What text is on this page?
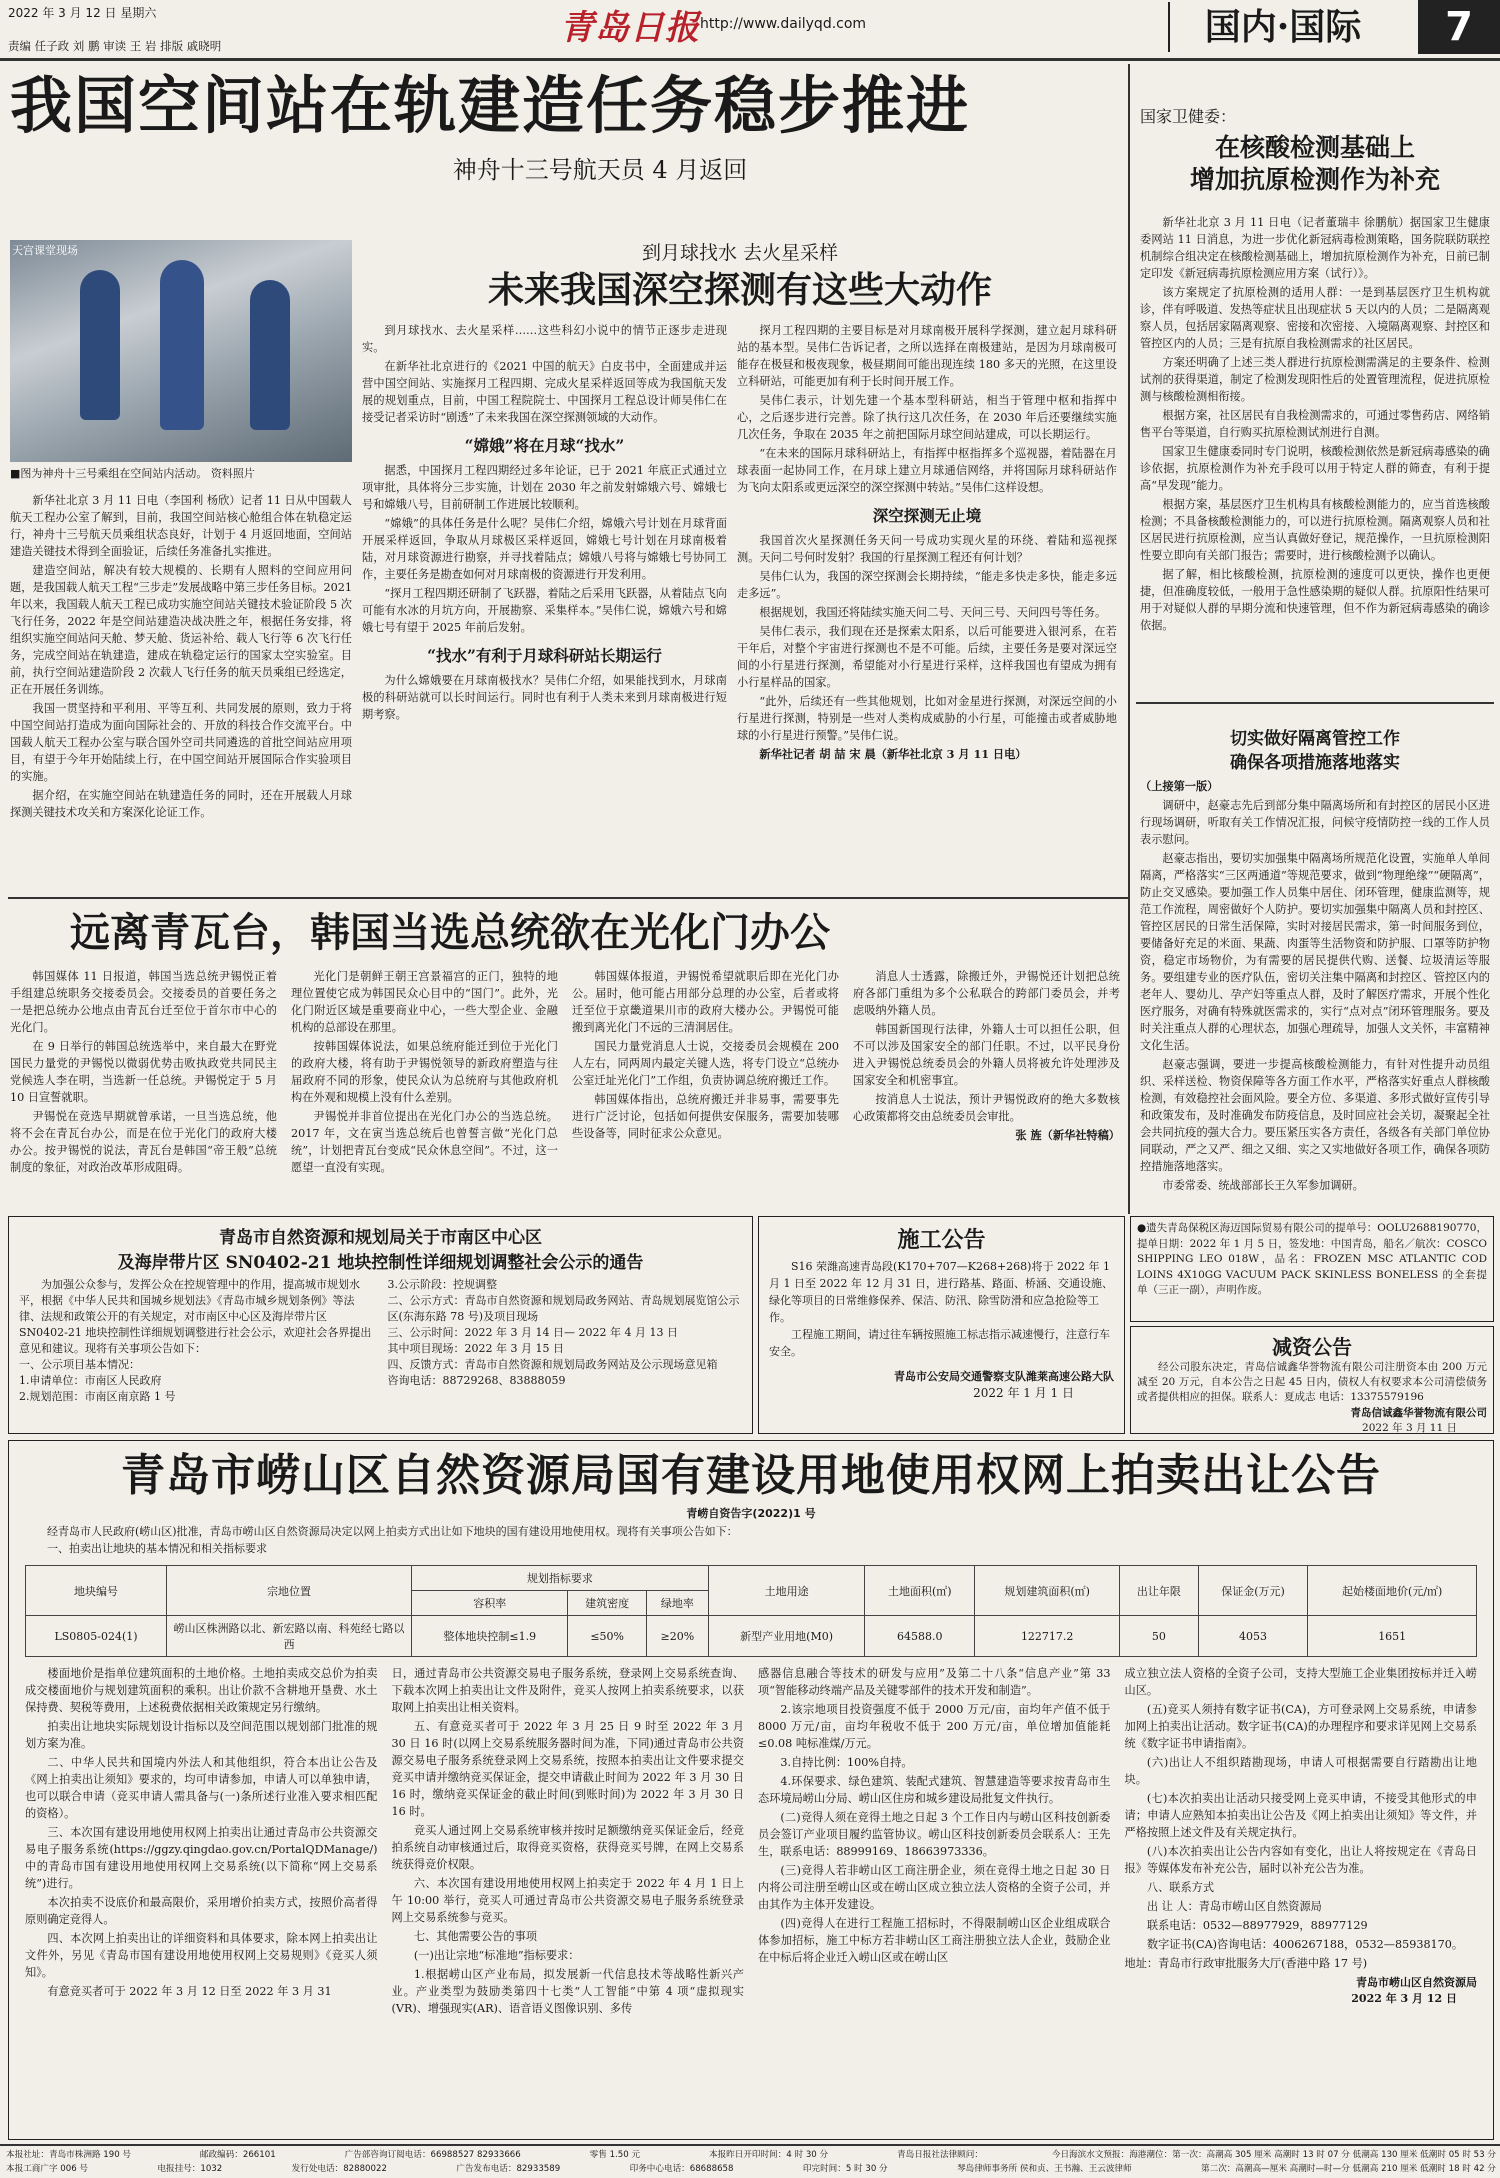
2022 年 3 月 12 日 星期六	青岛日报 http://www.dailyqd.com	国内·国际	7
责编 任子政 刘 鹏 审读 王 岩 排版 戚晓明
我国空间站在轨建造任务稳步推进
神舟十三号航天员 4 月返回
天宫课堂现场
■图为神舟十三号乘组在空间站内活动。 资料照片

新华社北京 3 月 11 日电（李国利 杨欣）记者 11 日从中国载人航天工程办公室了解到，目前，我国空间站核心舱组合体在轨稳定运行，神舟十三号航天员乘组状态良好，计划于 4 月返回地面，空间站建造关键技术得到全面验证，后续任务准备扎实推进。

建造空间站，解决有较大规模的、长期有人照料的空间应用问题，是我国载人航天工程“三步走”发展战略中第三步任务目标。2021 年以来，我国载人航天工程已成功实施空间站关键技术验证阶段 5 次飞行任务，2022 年是空间站建造决战决胜之年，根据任务安排，将组织实施空间站问天舱、梦天舱、货运补给、载人飞行等 6 次飞行任务，完成空间站在轨建造，建成在轨稳定运行的国家太空实验室。目前，执行空间站建造阶段 2 次载人飞行任务的航天员乘组已经选定，正在开展任务训练。

我国一贯坚持和平利用、平等互利、共同发展的原则，致力于将中国空间站打造成为面向国际社会的、开放的科技合作交流平台。中国载人航天工程办公室与联合国外空司共同遴选的首批空间站应用项目，有望于今年开始陆续上行，在中国空间站开展国际合作实验项目的实施。

据介绍，在实施空间站在轨建造任务的同时，还在开展载人月球探测关键技术攻关和方案深化论证工作。

到月球找水 去火星采样
未来我国深空探测有这些大动作

到月球找水、去火星采样……这些科幻小说中的情节正逐步走进现实。

在新华社北京进行的《2021 中国的航天》白皮书中，全面建成并运营中国空间站、实施探月工程四期、完成火星采样返回等成为我国航天发展的规划重点，目前，中国工程院院士、中国探月工程总设计师吴伟仁在接受记者采访时“剧透”了未来我国在深空探测领域的大动作。

“嫦娥”将在月球“找水”

据悉，中国探月工程四期经过多年论证，已于 2021 年底正式通过立项审批，具体将分三步实施，计划在 2030 年之前发射嫦娥六号、嫦娥七号和嫦娥八号，目前研制工作进展比较顺利。

“嫦娥”的具体任务是什么呢？吴伟仁介绍，嫦娥六号计划在月球背面开展采样返回，争取从月球极区采样返回，嫦娥七号计划在月球南极着陆，对月球资源进行勘察，并寻找着陆点；嫦娥八号将与嫦娥七号协同工作，主要任务是勘查如何对月球南极的资源进行开发利用。

“探月工程四期还研制了飞跃器，着陆之后采用飞跃器，从着陆点飞向可能有水冰的月坑方向，开展勘察、采集样本。”吴伟仁说，嫦娥六号和嫦娥七号有望于 2025 年前后发射。

“找水”有利于月球科研站长期运行

为什么嫦娥要在月球南极找水？吴伟仁介绍，如果能找到水，月球南极的科研站就可以长时间运行。同时也有利于人类未来到月球南极进行短期考察。

探月工程四期的主要目标是对月球南极开展科学探测，建立起月球科研站的基本型。吴伟仁告诉记者，之所以选择在南极建站，是因为月球南极可能存在极昼和极夜现象，极昼期间可能出现连续 180 多天的光照，在这里设立科研站，可能更加有利于长时间开展工作。

吴伟仁表示，计划先建一个基本型科研站，相当于管理中枢和指挥中心，之后逐步进行完善。除了执行这几次任务，在 2030 年后还要继续实施几次任务，争取在 2035 年之前把国际月球空间站建成，可以长期运行。

“在未来的国际月球科研站上，有指挥中枢指挥多个巡视器，着陆器在月球表面一起协同工作，在月球上建立月球通信网络，并将国际月球科研站作为飞向太阳系或更远深空的深空探测中转站。”吴伟仁这样设想。

深空探测无止境

我国首次火星探测任务天问一号成功实现火星的环绕、着陆和巡视探测。天问二号何时发射？我国的行星探测工程还有何计划？

吴伟仁认为，我国的深空探测会长期持续，“能走多快走多快，能走多远走多远”。

根据规划，我国还将陆续实施天问二号、天问三号、天问四号等任务。

吴伟仁表示，我们现在还是探索太阳系，以后可能要进入银河系，在若干年后，对整个宇宙进行探测也不是不可能。后续，主要任务是要对深远空间的小行星进行探测，希望能对小行星进行采样，这样我国也有望成为拥有小行星样品的国家。

“此外，后续还有一些其他规划，比如对金星进行探测，对深远空间的小行星进行探测，特别是一些对人类构成威胁的小行星，可能撞击或者威胁地球的小行星进行预警。”吴伟仁说。

新华社记者 胡 喆 宋 晨（新华社北京 3 月 11 日电）

国家卫健委：
在核酸检测基础上
增加抗原检测作为补充

新华社北京 3 月 11 日电（记者董瑞丰 徐鹏航）据国家卫生健康委网站 11 日消息，为进一步优化新冠病毒检测策略，国务院联防联控机制综合组决定在核酸检测基础上，增加抗原检测作为补充，日前已制定印发《新冠病毒抗原检测应用方案（试行）》。

该方案规定了抗原检测的适用人群：一是到基层医疗卫生机构就诊，伴有呼吸道、发热等症状且出现症状 5 天以内的人员；二是隔离观察人员，包括居家隔离观察、密接和次密接、入境隔离观察、封控区和管控区内的人员；三是有抗原自我检测需求的社区居民。

方案还明确了上述三类人群进行抗原检测需满足的主要条件、检测试剂的获得渠道，制定了检测发现阳性后的处置管理流程，促进抗原检测与核酸检测相衔接。

根据方案，社区居民有自我检测需求的，可通过零售药店、网络销售平台等渠道，自行购买抗原检测试剂进行自测。

国家卫生健康委同时专门说明，核酸检测依然是新冠病毒感染的确诊依据，抗原检测作为补充手段可以用于特定人群的筛查，有利于提高“早发现”能力。

根据方案，基层医疗卫生机构具有核酸检测能力的，应当首选核酸检测；不具备核酸检测能力的，可以进行抗原检测。隔离观察人员和社区居民进行抗原检测，应当认真做好登记，规范操作，一旦抗原检测阳性要立即向有关部门报告；需要时，进行核酸检测予以确认。

据了解，相比核酸检测，抗原检测的速度可以更快，操作也更便捷，但准确度较低，一般用于急性感染期的疑似人群。抗原阳性结果可用于对疑似人群的早期分流和快速管理，但不作为新冠病毒感染的确诊依据。

切实做好隔离管控工作
确保各项措施落地落实

（上接第一版）

调研中，赵豪志先后到部分集中隔离场所和有封控区的居民小区进行现场调研，听取有关工作情况汇报，问候守疫情防控一线的工作人员表示慰问。

赵豪志指出，要切实加强集中隔离场所规范化设置，实施单人单间隔离，严格落实“三区两通道”等规范要求，做到“物理绝缘”“硬隔离”，防止交叉感染。要加强工作人员集中居住、闭环管理，健康监测等，规范工作流程，周密做好个人防护。要切实加强集中隔离人员和封控区、管控区居民的日常生活保障，实时对接居民需求，第一时间服务到位，要储备好充足的米面、果蔬、肉蛋等生活物资和防护服、口罩等防护物资，稳定市场物价，为有需要的居民提供代购、送餐、垃圾清运等服务。要组建专业的医疗队伍，密切关注集中隔离和封控区、管控区内的老年人、婴幼儿、孕产妇等重点人群，及时了解医疗需求，开展个性化医疗服务，对确有特殊就医需求的，实行“点对点”闭环管理服务。要及时关注重点人群的心理状态，加强心理疏导，加强人文关怀，丰富精神文化生活。

赵豪志强调，要进一步提高核酸检测能力，有针对性提升动员组织、采样送检、物资保障等各方面工作水平，严格落实好重点人群核酸检测，有效稳控社会面风险。要全方位、多渠道、多形式做好宣传引导和政策发布，及时准确发布防疫信息，及时回应社会关切，凝聚起全社会共同抗疫的强大合力。要压紧压实各方责任，各级各有关部门单位协同联动，严之又严、细之又细、实之又实地做好各项工作，确保各项防控措施落地落实。

市委常委、统战部部长王久军参加调研。

远离青瓦台，韩国当选总统欲在光化门办公

韩国媒体 11 日报道，韩国当选总统尹锡悦正着手组建总统职务交接委员会。交接委员的首要任务之一是把总统办公地点由青瓦台迁至位于首尔市中心的光化门。

在 9 日举行的韩国总统选举中，来自最大在野党国民力量党的尹锡悦以微弱优势击败执政党共同民主党候选人李在明，当选新一任总统。尹锡悦定于 5 月 10 日宣誓就职。

尹锡悦在竞选早期就曾承诺，一旦当选总统，他将不会在青瓦台办公，而是在位于光化门的政府大楼办公。按尹锡悦的说法，青瓦台是韩国“帝王般”总统制度的象征，对政治改革形成阻碍。

光化门是朝鲜王朝王宫景福宫的正门，独特的地理位置使它成为韩国民众心目中的“国门”。此外，光化门附近区域是重要商业中心，一些大型企业、金融机构的总部设在那里。

按韩国媒体说法，如果总统府能迁到位于光化门的政府大楼，将有助于尹锡悦领导的新政府塑造与往届政府不同的形象，使民众认为总统府与其他政府机构在外观和规模上没有什么差别。

尹锡悦并非首位提出在光化门办公的当选总统。2017 年，文在寅当选总统后也曾誓言做“光化门总统”，计划把青瓦台变成“民众休息空间”。不过，这一愿望一直没有实现。

韩国媒体报道，尹锡悦希望就职后即在光化门办公。届时，他可能占用部分总理的办公室，后者或将迁至位于京畿道果川市的政府大楼办公。尹锡悦可能搬到离光化门不远的三清洞居住。

国民力量党消息人士说，交接委员会规模在 200 人左右，同两周内最定关键人选，将专门设立“总统办公室迁址光化门”工作组，负责协调总统府搬迁工作。

韩国媒体指出，总统府搬迁并非易事，需要事先进行广泛讨论，包括如何提供安保服务，需要加装哪些设备等，同时征求公众意见。

消息人士透露，除搬迁外，尹锡悦还计划把总统府各部门重组为多个公私联合的跨部门委员会，并考虑吸纳外籍人员。

韩国新国现行法律，外籍人士可以担任公职，但不可以涉及国家安全的部门任职。不过，以平民身份进入尹锡悦总统委员会的外籍人员将被允许处理涉及国家安全和机密事宜。

按消息人士说法，预计尹锡悦政府的绝大多数核心政策都将交由总统委员会审批。

张 旌（新华社特稿）

青岛市自然资源和规划局关于市南区中心区
及海岸带片区 SN0402-21 地块控制性详细规划调整社会公示的通告
为加强公众参与，发挥公众在控规管理中的作用，提高城市规划水平，根据《中华人民共和国城乡规划法》《青岛市城乡规划条例》等法律、法规和政策公开的有关规定，对市南区中心区及海岸带片区 SN0402-21 地块控制性详细规划调整进行社会公示，欢迎社会各界提出意见和建议。现将有关事项公告如下：
一、公示项目基本情况：
1.申请单位：市南区人民政府
2.规划范围：市南区南京路 1 号
3.公示阶段：控规调整
二、公示方式：青岛市自然资源和规划局政务网站、青岛规划展览馆公示区(东海东路 78 号)及项目现场
三、公示时间：2022 年 3 月 14 日— 2022 年 4 月 13 日
其中项目现场：2022 年 3 月 15 日
四、反馈方式：青岛市自然资源和规划局政务网站及公示现场意见箱
咨询电话：88729268、83888059
施工公告
S16 荣潍高速青岛段(K170+707—K268+268)将于 2022 年 1 月 1 日至 2022 年 12 月 31 日，进行路基、路面、桥涵、交通设施、绿化等项目的日常维修保养、保洁、防汛、除雪防滑和应急抢险等工作。
工程施工期间，请过往车辆按照施工标志指示减速慢行，注意行车安全。
青岛市公安局交通警察支队潍莱高速公路大队
2022 年 1 月 1 日
●遗失青岛保税区海迈国际贸易有限公司的提单号：OOLU2688190770，提单日期：2022 年 1 月 5 日，签发地：中国青岛，船名／航次：COSCO SHIPPING LEO 018W，品名：FROZEN MSC ATLANTIC COD LOINS 4X10GG VACUUM PACK SKINLESS BONELESS 的全套提单（三正一副），声明作废。
减资公告
经公司股东决定，青岛信诚鑫华誉物流有限公司注册资本由 200 万元减至 20 万元，自本公告之日起 45 日内，债权人有权要求本公司清偿债务或者提供相应的担保。联系人：夏成志 电话：13375579196
青岛信诚鑫华誉物流有限公司
2022 年 3 月 11 日
青岛市崂山区自然资源局国有建设用地使用权网上拍卖出让公告
青崂自资告字(2022)1 号
经青岛市人民政府(崂山区)批准，青岛市崂山区自然资源局决定以网上拍卖方式出让如下地块的国有建设用地使用权。现将有关事项公告如下：
一、拍卖出让地块的基本情况和相关指标要求
地块编号	宗地位置	规划指标要求			土地用途	土地面积(㎡)	规划建筑面积(㎡)	出让年限	保证金(万元)	起始楼面地价(元/㎡)
		容积率	建筑密度	绿地率						
LS0805-024(1)	崂山区株洲路以北、新宏路以南、科苑经七路以西	整体地块控制≤1.9	≤50%	≥20%	新型产业用地(M0)	64588.0	122717.2	50	4053	1651

楼面地价是指单位建筑面积的土地价格。土地拍卖成交总价为拍卖成交楼面地价与规划建筑面积的乘积。出让价款不含耕地开垦费、水土保持费、契税等费用，上述税费依据相关政策规定另行缴纳。

拍卖出让地块实际规划设计指标以及空间范围以规划部门批准的规划方案为准。

二、中华人民共和国境内外法人和其他组织，符合本出让公告及《网上拍卖出让须知》要求的，均可申请参加，申请人可以单独申请，也可以联合申请（竞买申请人需具备与(一)条所述行业准入要求相匹配的资格）。

三、本次国有建设用地使用权网上拍卖出让通过青岛市公共资源交易电子服务系统(https://ggzy.qingdao.gov.cn/PortalQDManage/) 中的青岛市国有建设用地使用权网上交易系统(以下简称“网上交易系统”)进行。

本次拍卖不设底价和最高限价，采用增价拍卖方式，按照价高者得原则确定竞得人。

四、本次网上拍卖出让的详细资料和具体要求，除本网上拍卖出让文件外，另见《青岛市国有建设用地使用权网上交易规则》《竞买人须知》。

有意竞买者可于 2022 年 3 月 12 日至 2022 年 3 月 31

日，通过青岛市公共资源交易电子服务系统，登录网上交易系统查询、下载本次网上拍卖出让文件及附件，竞买人按网上拍卖系统要求，以获取网上拍卖出让相关资料。

五、有意竞买者可于 2022 年 3 月 25 日 9 时至 2022 年 3 月 30 日 16 时(以网上交易系统服务器时间为准，下同)通过青岛市公共资源交易电子服务系统登录网上交易系统，按照本拍卖出让文件要求提交竞买申请并缴纳竞买保证金，提交申请截止时间为 2022 年 3 月 30 日 16 时，缴纳竞买保证金的截止时间(到账时间)为 2022 年 3 月 30 日 16 时。

竞买人通过网上交易系统审核并按时足额缴纳竞买保证金后，经竞拍系统自动审核通过后，取得竞买资格，获得竞买号牌，在网上交易系统获得竞价权限。

六、本次国有建设用地使用权网上拍卖定于 2022 年 4 月 1 日上午 10:00 举行，竞买人可通过青岛市公共资源交易电子服务系统登录网上交易系统参与竞买。

七、其他需要公告的事项

(一)出让宗地“标准地”指标要求：

1.根据崂山区产业布局，拟发展新一代信息技术等战略性新兴产业。产业类型为鼓励类第四十七类“人工智能”中第 4 项“虚拟现实(VR)、增强现实(AR)、语音语义图像识别、多传

感器信息融合等技术的研发与应用”及第二十八条“信息产业”第 33 项“智能移动终端产品及关键零部件的技术开发和制造”。

2.该宗地项目投资强度不低于 2000 万元/亩，亩均年产值不低于 8000 万元/亩，亩均年税收不低于 200 万元/亩，单位增加值能耗≤0.08 吨标准煤/万元。

3.自持比例：100%自持。

4.环保要求、绿色建筑、装配式建筑、智慧建造等要求按青岛市生态环境局崂山分局、崂山区住房和城乡建设局批复文件执行。

(二)竞得人须在竞得土地之日起 3 个工作日内与崂山区科技创新委员会签订产业项目履约监管协议。崂山区科技创新委员会联系人：王先生，联系电话：88999169、18663973336。

(三)竞得人若非崂山区工商注册企业，须在竞得土地之日起 30 日内将公司注册至崂山区或在崂山区成立独立法人资格的全资子公司，并由其作为主体开发建设。

(四)竞得人在进行工程施工招标时，不得限制崂山区企业组成联合体参加招标，施工中标方若非崂山区工商注册独立法人企业，鼓励企业在中标后将企业迁入崂山区或在崂山区

成立独立法人资格的全资子公司，支持大型施工企业集团按标并迁入崂山区。

(五)竞买人须持有数字证书(CA)，方可登录网上交易系统，申请参加网上拍卖出让活动。数字证书(CA)的办理程序和要求详见网上交易系统《数字证书申请指南》。

(六)出让人不组织踏勘现场，申请人可根据需要自行踏勘出让地块。

(七)本次拍卖出让活动只接受网上竞买申请，不接受其他形式的申请；申请人应熟知本拍卖出让公告及《网上拍卖出让须知》等文件，并严格按照上述文件及有关规定执行。

(八)本次拍卖出让公告内容如有变化，出让人将按规定在《青岛日报》等媒体发布补充公告，届时以补充公告为准。

八、联系方式

出 让 人：青岛市崂山区自然资源局

联系电话：0532—88977929，88977129

数字证书(CA)咨询电话：4006267188，0532—85938170。

地址：青岛市行政审批服务大厅(香港中路 17 号)

青岛市崂山区自然资源局
2022 年 3 月 12 日
本报社址：青岛市株洲路 190 号	邮政编码：266101	广告部咨询订阅电话：66988527 82933666	零售 1.50 元	本报昨日开印时间：4 时 30 分	青岛日报社法律顾问：	今日海滨水文预报：海港潮位：第一次：高潮高 305 厘米 高潮时 13 时 07 分 低潮高 130 厘米 低潮时 05 时 53 分
本报工商广字 006 号	电报挂号：1032	发行处电话：82880022	广告发布电话：82933589	印务中心电话：68688658	印完时间：5 时 30 分	琴岛律师事务所 侯和贞、王书瀚、王云波律师	第二次：高潮高—厘米 高潮时—时—分 低潮高 210 厘米 低潮时 18 时 42 分
